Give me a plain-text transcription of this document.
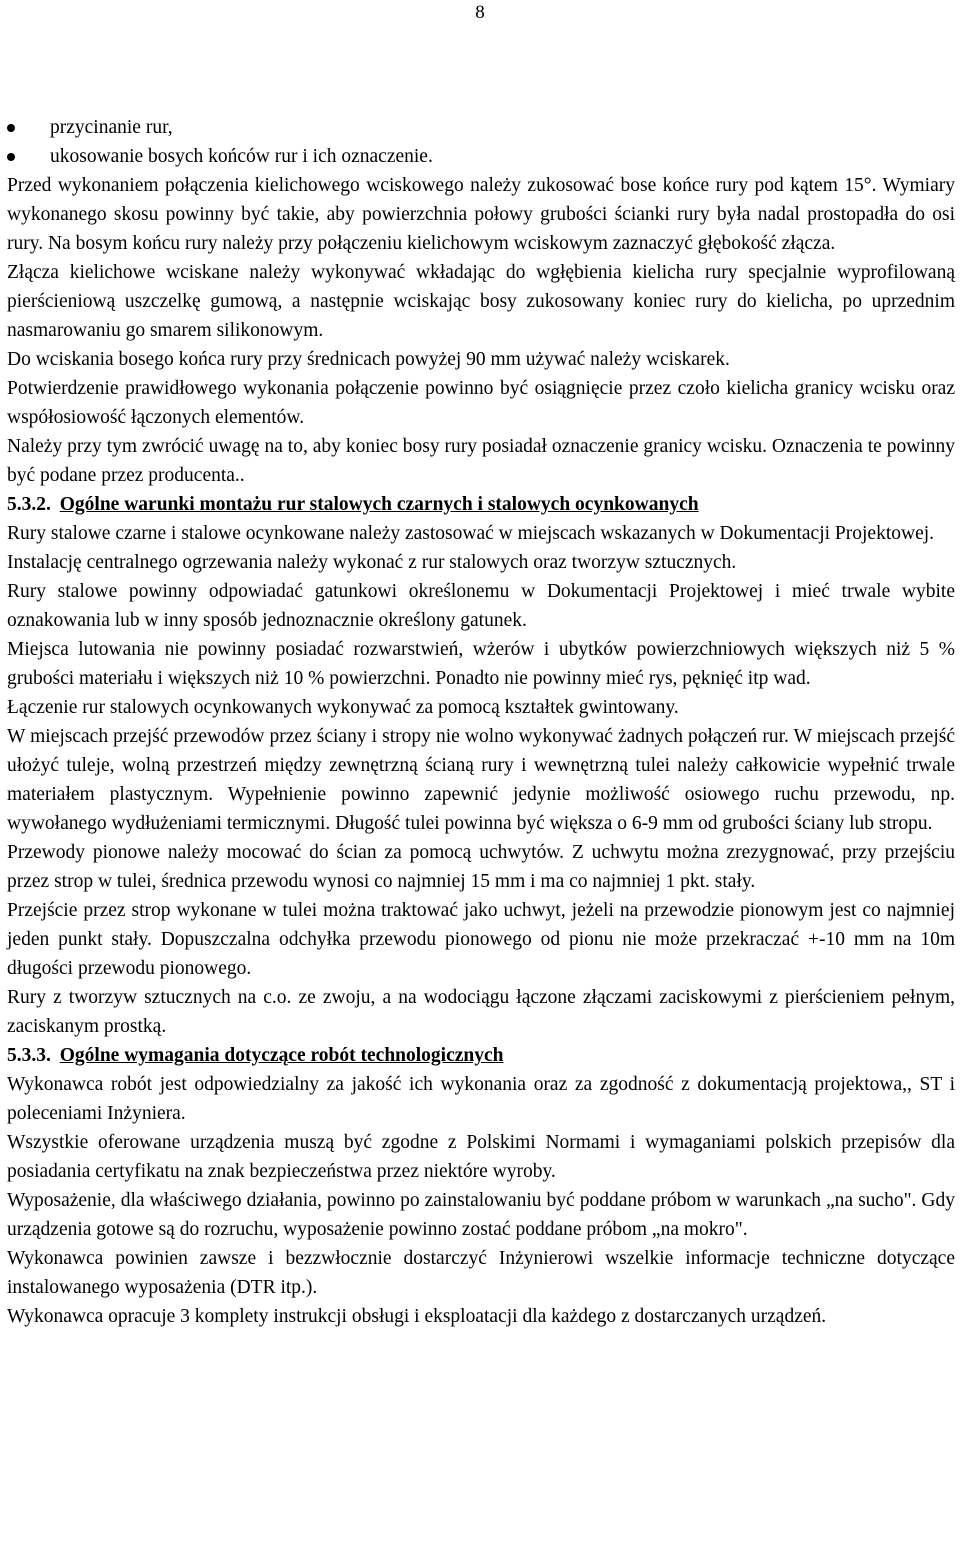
8
przycinanie rur,
ukosowanie bosych końców rur i ich oznaczenie.

Przed wykonaniem połączenia kielichowego wciskowego należy zukosować bose końce rury pod kątem 15°. Wymiary wykonanego skosu powinny być takie, aby powierzchnia połowy grubości ścianki rury była nadal prostopadła do osi rury. Na bosym końcu rury należy przy połączeniu kielichowym wciskowym zaznaczyć głębokość złącza.

Złącza kielichowe wciskane należy wykonywać wkładając do wgłębienia kielicha rury specjalnie wyprofilowaną pierścieniową uszczelkę gumową, a następnie wciskając bosy zukosowany koniec rury do kielicha, po uprzednim nasmarowaniu go smarem silikonowym.

Do wciskania bosego końca rury przy średnicach powyżej 90 mm używać należy wciskarek.

Potwierdzenie prawidłowego wykonania połączenie powinno być osiągnięcie przez czoło kielicha granicy wcisku oraz współosiowość łączonych elementów.

Należy przy tym zwrócić uwagę na to, aby koniec bosy rury posiadał oznaczenie granicy wcisku. Oznaczenia te powinny być podane przez producenta..

5.3.2. Ogólne warunki montażu rur stalowych czarnych i stalowych ocynkowanych

Rury stalowe czarne i stalowe ocynkowane należy zastosować w miejscach wskazanych w Dokumentacji Projektowej.

Instalację centralnego ogrzewania należy wykonać z rur stalowych oraz tworzyw sztucznych.

Rury stalowe powinny odpowiadać gatunkowi określonemu w Dokumentacji Projektowej i mieć trwale wybite oznakowania lub w inny sposób jednoznacznie określony gatunek.

Miejsca lutowania nie powinny posiadać rozwarstwień, wżerów i ubytków powierzchniowych większych niż 5 % grubości materiału i większych niż 10 % powierzchni. Ponadto nie powinny mieć rys, pęknięć itp wad.

Łączenie rur stalowych ocynkowanych wykonywać za pomocą kształtek gwintowany.

W miejscach przejść przewodów przez ściany i stropy nie wolno wykonywać żadnych połączeń rur. W miejscach przejść ułożyć tuleje, wolną przestrzeń między zewnętrzną ścianą rury i wewnętrzną tulei należy całkowicie wypełnić trwale materiałem plastycznym. Wypełnienie powinno zapewnić jedynie możliwość osiowego ruchu przewodu, np. wywołanego wydłużeniami termicznymi. Długość tulei powinna być większa o 6-9 mm od grubości ściany lub stropu.

Przewody pionowe należy mocować do ścian za pomocą uchwytów. Z uchwytu można zrezygnować, przy przejściu przez strop w tulei, średnica przewodu wynosi co najmniej 15 mm i ma co najmniej 1 pkt. stały.

Przejście przez strop wykonane w tulei można traktować jako uchwyt, jeżeli na przewodzie pionowym jest co najmniej jeden punkt stały. Dopuszczalna odchyłka przewodu pionowego od pionu nie może przekraczać +-10 mm na 10m długości przewodu pionowego.

Rury z tworzyw sztucznych na c.o. ze zwoju, a na wodociągu łączone złączami zaciskowymi z pierścieniem pełnym, zaciskanym prostką.

5.3.3. Ogólne wymagania dotyczące robót technologicznych

Wykonawca robót jest odpowiedzialny za jakość ich wykonania oraz za zgodność z dokumentacją projektowa,, ST i poleceniami Inżyniera.

Wszystkie oferowane urządzenia muszą być zgodne z Polskimi Normami i wymaganiami polskich przepisów dla posiadania certyfikatu na znak bezpieczeństwa przez niektóre wyroby.

Wyposażenie, dla właściwego działania, powinno po zainstalowaniu być poddane próbom w warunkach „na sucho". Gdy urządzenia gotowe są do rozruchu, wyposażenie powinno zostać poddane próbom „na mokro".

Wykonawca powinien zawsze i bezzwłocznie dostarczyć Inżynierowi wszelkie informacje techniczne dotyczące instalowanego wyposażenia (DTR itp.).

Wykonawca opracuje 3 komplety instrukcji obsługi i eksploatacji dla każdego z dostarczanych urządzeń.
